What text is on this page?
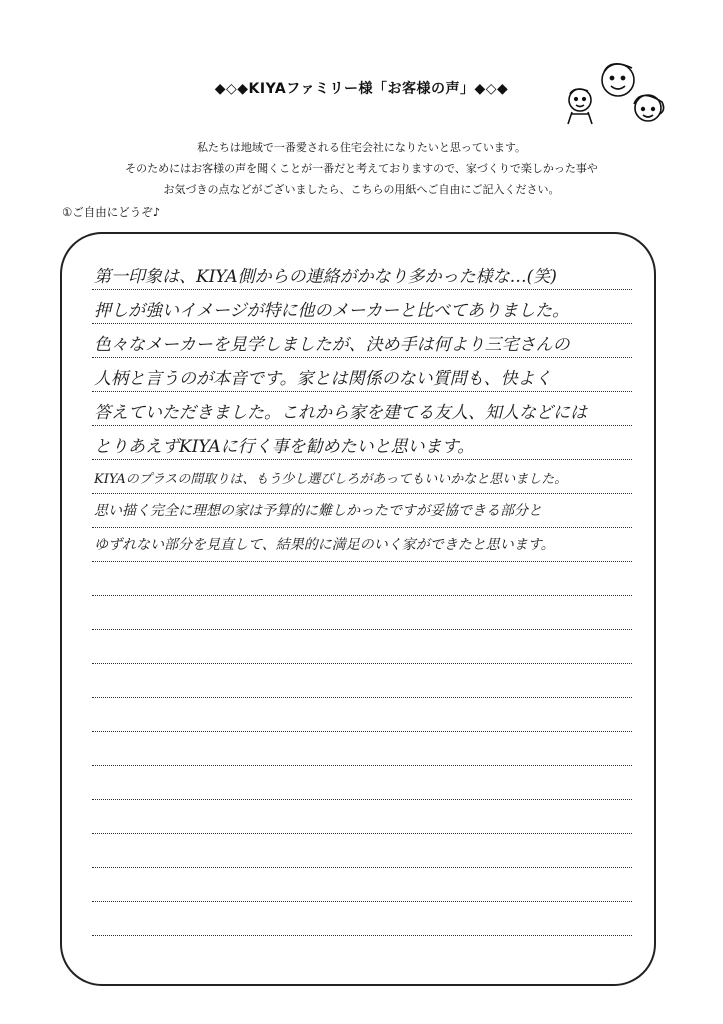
◆◇◆KIYAファミリー様「お客様の声」◆◇◆
私たちは地域で一番愛される住宅会社になりたいと思っています。
そのためにはお客様の声を聞くことが一番だと考えておりますので、家づくりで楽しかった事や
お気づきの点などがございましたら、こちらの用紙へご自由にご記入ください。
①ご自由にどうぞ♪
第一印象は、KIYA側からの連絡がかなり多かった様な…(笑)
押しが強いイメージが特に他のメーカーと比べてありました。
色々なメーカーを見学しましたが、決め手は何より三宅さんの
人柄と言うのが本音です。家とは関係のない質問も、快よく
答えていただきました。これから家を建てる友人、知人などには
とりあえずKIYAに行く事を勧めたいと思います。
KIYAのプラスの間取りは、もう少し選びしろがあってもいいかなと思いました。
思い描く完全に理想の家は予算的に難しかったですが妥協できる部分と
ゆずれない部分を見直して、結果的に満足のいく家ができたと思います。
